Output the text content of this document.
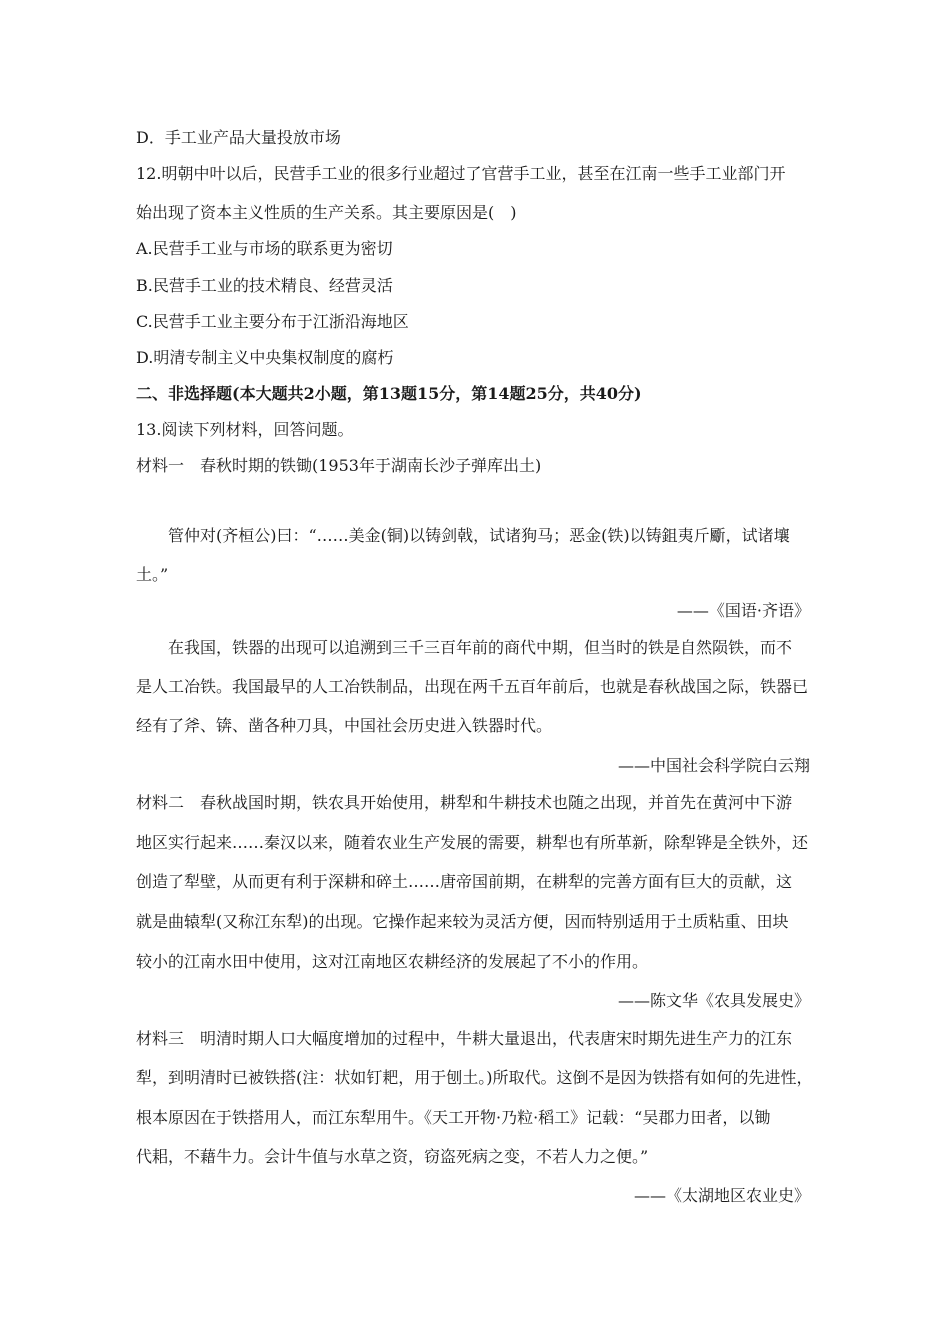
D．手工业产品大量投放市场
12.明朝中叶以后，民营手工业的很多行业超过了官营手工业，甚至在江南一些手工业部门开
始出现了资本主义性质的生产关系。其主要原因是(　)
A.民营手工业与市场的联系更为密切
B.民营手工业的技术精良、经营灵活
C.民营手工业主要分布于江浙沿海地区
D.明清专制主义中央集权制度的腐朽
二、非选择题(本大题共2小题，第13题15分，第14题25分，共40分)
13.阅读下列材料，回答问题。
材料一　春秋时期的铁锄(1953年于湖南长沙子弹库出土)
管仲对(齐桓公)曰：“……美金(铜)以铸剑戟，试诸狗马；恶金(铁)以铸鉏夷斤斸，试诸壤
土。”
——《国语·齐语》
在我国，铁器的出现可以追溯到三千三百年前的商代中期，但当时的铁是自然陨铁，而不
是人工冶铁。我国最早的人工冶铁制品，出现在两千五百年前后，也就是春秋战国之际，铁器已
经有了斧、锛、凿各种刀具，中国社会历史进入铁器时代。
——中国社会科学院白云翔
材料二　春秋战国时期，铁农具开始使用，耕犁和牛耕技术也随之出现，并首先在黄河中下游
地区实行起来……秦汉以来，随着农业生产发展的需要，耕犁也有所革新，除犁铧是全铁外，还
创造了犁壁，从而更有利于深耕和碎土……唐帝国前期，在耕犁的完善方面有巨大的贡献，这
就是曲辕犁(又称江东犁)的出现。它操作起来较为灵活方便，因而特别适用于土质粘重、田块
较小的江南水田中使用，这对江南地区农耕经济的发展起了不小的作用。
——陈文华《农具发展史》
材料三　明清时期人口大幅度增加的过程中，牛耕大量退出，代表唐宋时期先进生产力的江东
犁，到明清时已被铁搭(注：状如钉耙，用于刨土。)所取代。这倒不是因为铁搭有如何的先进性，
根本原因在于铁搭用人，而江东犁用牛。《天工开物·乃粒·稻工》记载：“吴郡力田者，以锄
代耜，不藉牛力。会计牛值与水草之资，窃盗死病之变，不若人力之便。”
——《太湖地区农业史》
